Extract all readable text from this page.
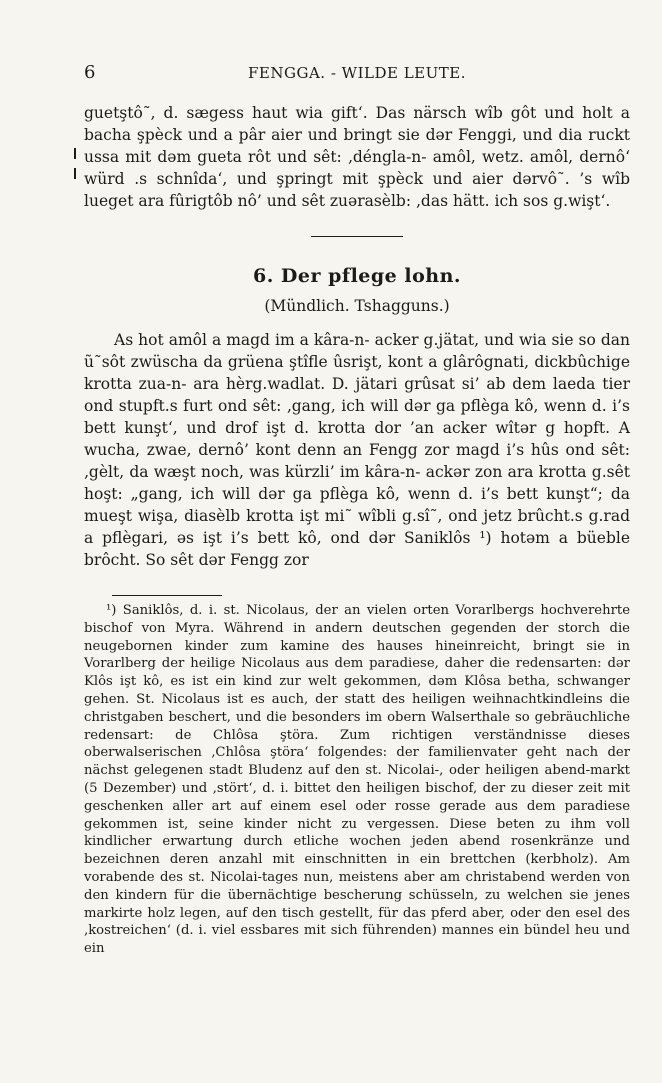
6	FENGGA. - WILDE LEUTE.

guetştô˜, d. sægess haut wia gift‘. Das närsch wîb gôt und holt a bacha şpèck und a pâr aier und bringt sie dər Fenggi, und dia ruckt ussa mit dəm gueta rôt und sêt: ‚déngla-n- amôl, wetz. amôl, dernô‘ würd .s schnîda‘, und şpringt mit şpèck und aier dərvô˜. ’s wîb lueget ara fûrigtôb nô’ und sêt zuərasèlb: ‚das hätt. ich sos g.wişt‘.

6. Der pflege lohn.
(Mündlich. Tshagguns.)

As hot amôl a magd im a kâra-n- acker g.jätat, und wia sie so dan ũ˜sôt zwüscha da grüena ştîfle ûsrişt, kont a glârôgnati, dickbûchige krotta zua-n- ara hèrg.wadlat. D. jätari grûsat si’ ab dem laeda tier ond stupft.s furt ond sêt: ‚gang, ich will dər ga pflèga kô, wenn d. i’s bett kunşt‘, und drof işt d. krotta dor ’an acker wîtər g hopft. A wucha, zwae, dernô’ kont denn an Fengg zor magd i’s hûs ond sêt: ‚gèlt, da wæşt noch, was kürzli’ im kâra-n- ackər zon ara krotta g.sêt hoşt: „gang, ich will dər ga pflèga kô, wenn d. i’s bett kunşt“; da mueşt wişa, diasèlb krotta işt mi˜ wîbli g.sî˜, ond jetz brûcht.s g.rad a pflègari, əs işt i’s bett kô, ond dər Saniklôs ¹) hotəm a büeble brôcht. So sêt dər Fengg zor

¹) Saniklôs, d. i. st. Nicolaus, der an vielen orten Vorarlbergs hochverehrte bischof von Myra. Während in andern deutschen gegenden der storch die neugebornen kinder zum kamine des hauses hineinreicht, bringt sie in Vorarlberg der heilige Nicolaus aus dem paradiese, daher die redensarten: dər Klôs işt kô, es ist ein kind zur welt gekommen, dəm Klôsa betha, schwanger gehen. St. Nicolaus ist es auch, der statt des heiligen weihnachtkindleins die christgaben beschert, und die besonders im obern Walserthale so gebräuchliche redensart: de Chlôsa ştöra. Zum richtigen verständnisse dieses oberwalserischen ‚Chlôsa ştöra‘ folgendes: der familienvater geht nach der nächst gelegenen stadt Bludenz auf den st. Nicolai-, oder heiligen abend-markt (5 Dezember) und ‚stört‘, d. i. bittet den heiligen bischof, der zu dieser zeit mit geschenken aller art auf einem esel oder rosse gerade aus dem paradiese gekommen ist, seine kinder nicht zu vergessen. Diese beten zu ihm voll kindlicher erwartung durch etliche wochen jeden abend rosenkränze und bezeichnen deren anzahl mit einschnitten in ein brettchen (kerbholz). Am vorabende des st. Nicolai-tages nun, meistens aber am christabend werden von den kindern für die übernächtige bescherung schüsseln, zu welchen sie jenes markirte holz legen, auf den tisch gestellt, für das pferd aber, oder den esel des ‚kostreichen‘ (d. i. viel essbares mit sich führenden) mannes ein bündel heu und ein
